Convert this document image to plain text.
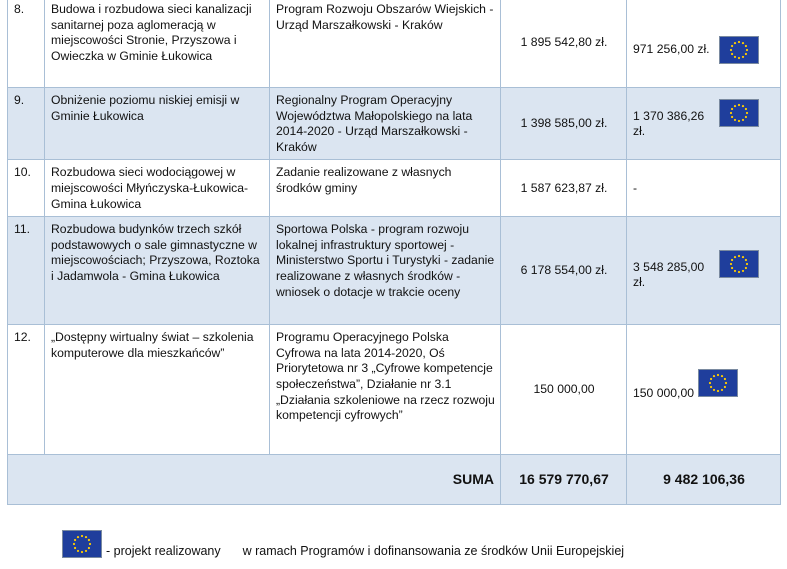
8.	Budowa i rozbudowa sieci kanalizacji sanitarnej poza aglomeracją w miejscowości Stronie, Przyszowa i Owieczka w Gminie Łukowica	Program Rozwoju Obszarów Wiejskich -Urząd Marszałkowski - Kraków	1 895 542,80 zł.	971 256,00 zł.

9.	Obniżenie poziomu niskiej emisji w Gminie Łukowica	Regionalny Program Operacyjny Województwa Małopolskiego na lata 2014-2020 - Urząd Marszałkowski - Kraków	1 398 585,00 zł.	1 370 386,26 zł.

10.	Rozbudowa sieci wodociągowej w miejscowości Młyńczyska-Łukowica-Gmina Łukowica	Zadanie realizowane z własnych środków gminy	1 587 623,87 zł.	-
11.	Rozbudowa budynków trzech szkół podstawowych o sale gimnastyczne w miejscowościach; Przyszowa, Roztoka i Jadamwola - Gmina Łukowica	Sportowa Polska - program rozwoju lokalnej infrastruktury sportowej - Ministerstwo Sportu i Turystyki - zadanie realizowane z własnych środków - wniosek o dotacje w trakcie oceny	6 178 554,00 zł.	3 548 285,00 zł.

12.	„Dostępny wirtualny świat – szkolenia komputerowe dla mieszkańców”	Programu Operacyjnego Polska Cyfrowa na lata 2014-2020, Oś Priorytetowa nr 3 „Cyfrowe kompetencje społeczeństwa”, Działanie nr 3.1 „Działania szkoleniowe na rzecz rozwoju kompetencji cyfrowych”	150 000,00	150 000,00

SUMA			16 579 770,67	9 482 106,36
- projekt realizowany w ramach Programów i dofinansowania ze środków Unii Europejskiej
